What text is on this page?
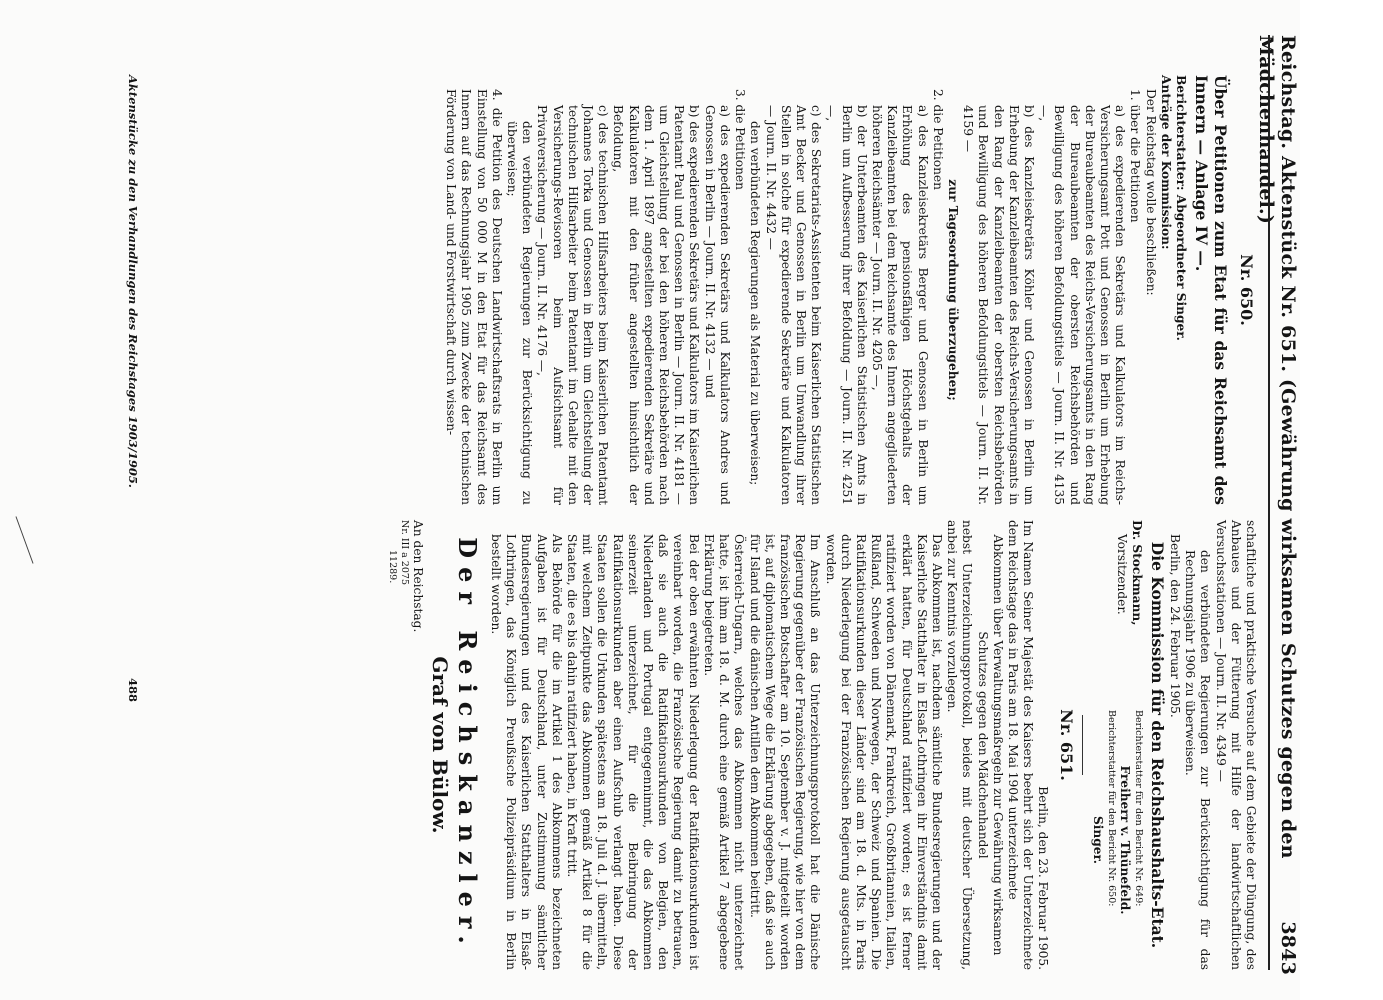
Reichstag. Aktenstück Nr. 651. (Gewährung wirksamen Schutzes gegen den Mädchenhandel.)
3843

Nr. 650.

Über Petitionen zum Etat für das Reichsamt des Innern — Anlage IV —.

Berichterstatter: Abgeordneter Singer.

Anträge der Kommission:

Der Reichstag wolle beschließen:

1. über die Petitionen

a) des expedierenden Sekretärs und Kalkulators im Reichs-Versicherungsamt Pott und Genossen in Berlin um Erhebung der Bureaubeamten des Reichs-Versicherungsamts in den Rang der Bureaubeamten der obersten Reichsbehörden und Bewilligung des höheren Befoldungstitels — Journ. II. Nr. 4135 —,

b) des Kanzleisekretärs Köhler und Genossen in Berlin um Erhebung der Kanzleibeamten des Reichs-Versicherungsamts in den Rang der Kanzleibeamten der obersten Reichsbehörden und Bewilligung des höheren Befoldungstitels — Journ. II. Nr. 4159 —

zur Tagesordnung überzugehen;

2. die Petitionen

a) des Kanzleisekretärs Berger und Genossen in Berlin um Erhöhung des pensionsfähigen Höchstgehalts der Kanzleibeamten bei dem Reichsamte des Innern angegliederten höheren Reichsämter — Journ. II. Nr. 4205 —,

b) der Unterbeamten des Kaiserlichen Statistischen Amts in Berlin um Aufbesserung ihrer Befoldung — Journ. II. Nr. 4251 —,

c) des Sekretariats-Assistenten beim Kaiserlichen Statistischen Amt Becker und Genossen in Berlin um Umwandlung ihrer Stellen in solche für expedierende Sekretäre und Kalkulatoren — Journ. II. Nr. 4432 —

den verbündeten Regierungen als Material zu überweisen;

3. die Petitionen

a) des expedierenden Sekretärs und Kalkulators Andres und Genossen in Berlin — Journ. II. Nr. 4132 — und

b) des expedierenden Sekretärs und Kalkulators im Kaiserlichen Patentamt Paul und Genossen in Berlin — Journ. II. Nr. 4181 — um Gleichstellung der bei den höheren Reichsbehörden nach dem 1. April 1897 angestellten expedierenden Sekretäre und Kalkulatoren mit den früher angestellten hinsichtlich der Befoldung,

c) des technischen Hilfsarbeiters beim Kaiserlichen Patentamt Johannes Torka und Genossen in Berlin um Gleichstellung der technischen Hilfsarbeiter beim Patentamt im Gehalte mit den Versicherungs-Revisoren beim Aufsichtsamt für Privatversicherung — Journ. II. Nr. 4176 —,

den verbündeten Regierungen zur Berücksichtigung zu überweisen;

4. die Petition des Deutschen Landwirtschaftsrats in Berlin um Einstellung von 50 000 M in den Etat für das Reichsamt des Innern auf das Rechnungsjahr 1905 zum Zwecke der technischen Förderung von Land- und Forstwirtschaft durch wissen-

schaftliche und praktische Versuche auf dem Gebiete der Düngung, des Anbaues und der Fütterung mit Hilfe der landwirtschaftlichen Versuchsstationen — Journ. II. Nr. 4349 —

den verbündeten Regierungen zur Berücksichtigung für das Rechnungsjahr 1906 zu überweisen.

Berlin, den 24. Februar 1905.

Die Kommission für den Reichshaushalts-Etat.

Dr. Stockmann,

Vorsitzender.

Berichterstatter für den Bericht Nr. 649:

Freiherr v. Thünefeld.

Berichterstatter für den Bericht Nr. 650:

Singer.

Nr. 651.

Berlin, den 23. Februar 1905.

Im Namen Seiner Majestät des Kaisers beehrt sich der Unterzeichnete dem Reichstage das in Paris am 18. Mai 1904 unterzeichnete

Abkommen über Verwaltungsmaßregeln zur Gewährung wirksamen Schutzes gegen den Mädchenhandel

nebst Unterzeichnungsprotokoll, beides mit deutscher Übersetzung, anbei zur Kenntnis vorzulegen.

Das Abkommen ist, nachdem sämtliche Bundesregierungen und der Kaiserliche Statthalter in Elsaß-Lothringen ihr Einverständnis damit erklärt hatten, für Deutschland ratifiziert worden; es ist ferner ratifiziert worden von Dänemark, Frankreich, Großbritannien, Italien, Rußland, Schweden und Norwegen, der Schweiz und Spanien. Die Ratifikationsurkunden dieser Länder sind am 18. d. Mts. in Paris durch Niederlegung bei der Französischen Regierung ausgetauscht worden.

Im Anschluß an das Unterzeichnungsprotokoll hat die Dänische Regierung gegenüber der Französischen Regierung, wie hier von dem französischen Botschafter am 10. September v. J. mitgeteilt worden ist, auf diplomatischem Wege die Erklärung abgegeben, daß sie auch für Island und die dänischen Antillen dem Abkommen beitritt.

Österreich-Ungarn, welches das Abkommen nicht unterzeichnet hatte, ist ihm am 18. d. M. durch eine gemäß Artikel 7 abgegebene Erklärung beigetreten.

Bei der oben erwähnten Niederlegung der Ratifikationsurkunden ist vereinbart worden, die Französische Regierung damit zu betrauen, daß sie auch die Ratifikationsurkunden von Belgien, den Niederlanden und Portugal entgegennimmt, die das Abkommen seinerzeit unterzeichnet, für die Beibringung der Ratifikationsurkunden aber einen Aufschub verlangt haben. Diese Staaten sollen die Urkunden spätestens am 18. Juli d. J. übermitteln, mit welchem Zeitpunkte das Abkommen gemäß Artikel 8 für die Staaten, die es bis dahin ratifiziert haben, in Kraft tritt.

Als Behörde für die im Artikel 1 des Abkommens bezeichneten Aufgaben ist für Deutschland, unter Zustimmung sämtlicher Bundesregierungen und des Kaiserlichen Statthalters in Elsaß-Lothringen, das Königlich Preußische Polizeipräsidium in Berlin bestellt worden.

Der Reichskanzler.

Graf von Bülow.

An den Reichstag.

Nr. III a 2075

11289.

Aktenstücke zu den Verhandlungen des Reichstages 1903/1905.
488
